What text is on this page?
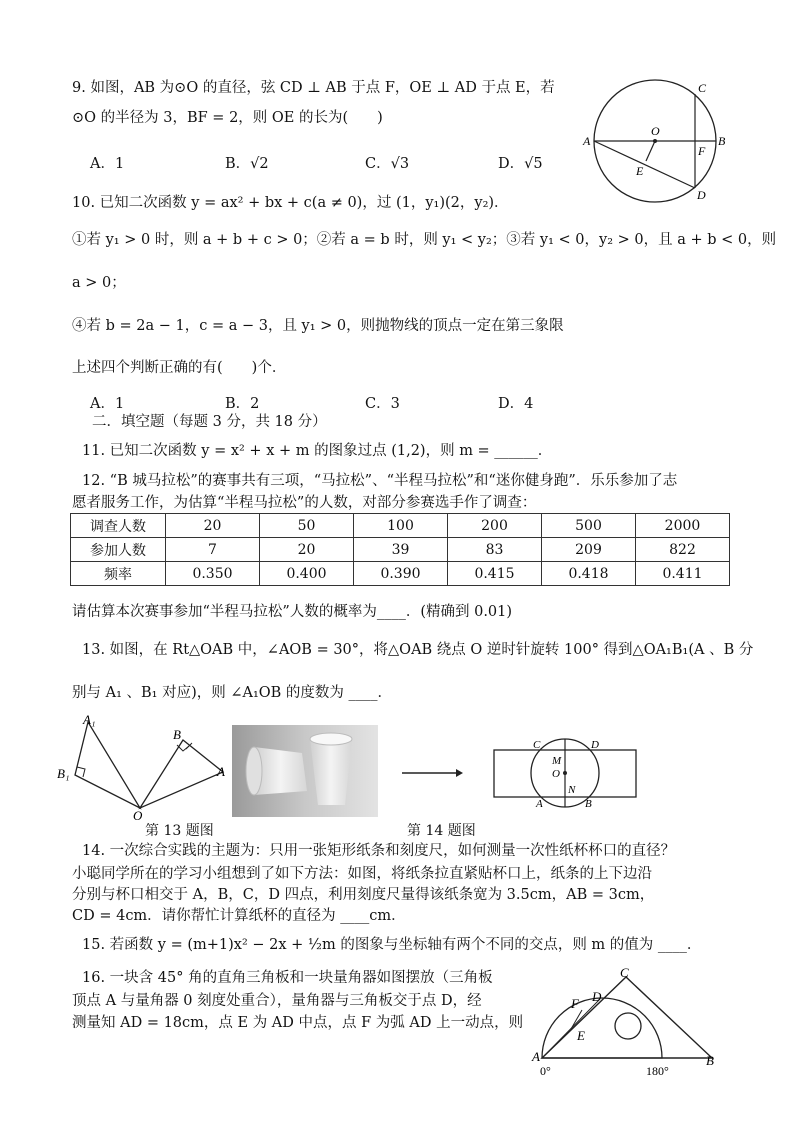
9. 如图，AB 为⊙O 的直径，弦 CD ⊥ AB 于点 F，OE ⊥ AD 于点 E，若
⊙O 的半径为 3，BF = 2，则 OE 的长为(　　)
A．1	B．√2	C．√3	D．√5
C
A
O
B
F
E
D
10. 已知二次函数 y = ax² + bx + c(a ≠ 0)，过 (1，y₁)(2，y₂)．
①若 y₁ > 0 时，则 a + b + c > 0；②若 a = b 时，则 y₁ < y₂；③若 y₁ < 0，y₂ > 0，且 a + b < 0，则
a > 0；
④若 b = 2a − 1，c = a − 3，且 y₁ > 0，则抛物线的顶点一定在第三象限
上述四个判断正确的有(　　)个．
A．1	B．2	C．3	D．4
二．填空题（每题 3 分，共 18 分）
11. 已知二次函数 y = x² + x + m 的图象过点 (1,2)，则 m = ______．
12. “B 城马拉松”的赛事共有三项，“马拉松”、“半程马拉松”和“迷你健身跑”．乐乐参加了志
愿者服务工作，为估算“半程马拉松”的人数，对部分参赛选手作了调查：
调查人数	20	50	100	200	500	2000
参加人数	7	20	39	83	209	822
频率	0.350	0.400	0.390	0.415	0.418	0.411
请估算本次赛事参加“半程马拉松”人数的概率为____．(精确到 0.01)
13. 如图，在 Rt△OAB 中，∠AOB = 30°，将△OAB 绕点 O 逆时针旋转 100° 得到△OA₁B₁(A 、B 分
别与 A₁ 、B₁ 对应)，则 ∠A₁OB 的度数为 ____．
A₁
B₁
B
A
O
C	D
M
O
N
A	B
第 13 题图	第 14 题图
14. 一次综合实践的主题为：只用一张矩形纸条和刻度尺，如何测量一次性纸杯杯口的直径？
小聪同学所在的学习小组想到了如下方法：如图，将纸条拉直紧贴杯口上，纸条的上下边沿
分别与杯口相交于 A，B，C，D 四点，利用刻度尺量得该纸条宽为 3.5cm，AB = 3cm，
CD = 4cm．请你帮忙计算纸杯的直径为 ____cm．
15. 若函数 y = (m+1)x² − 2x + ½m 的图象与坐标轴有两个不同的交点，则 m 的值为 ____．
16. 一块含 45° 角的直角三角板和一块量角器如图摆放（三角板
顶点 A 与量角器 0 刻度处重合），量角器与三角板交于点 D，经
测量知 AD = 18cm，点 E 为 AD 中点，点 F 为弧 AD 上一动点，则
C
F D
E
A	B
0°	180°
